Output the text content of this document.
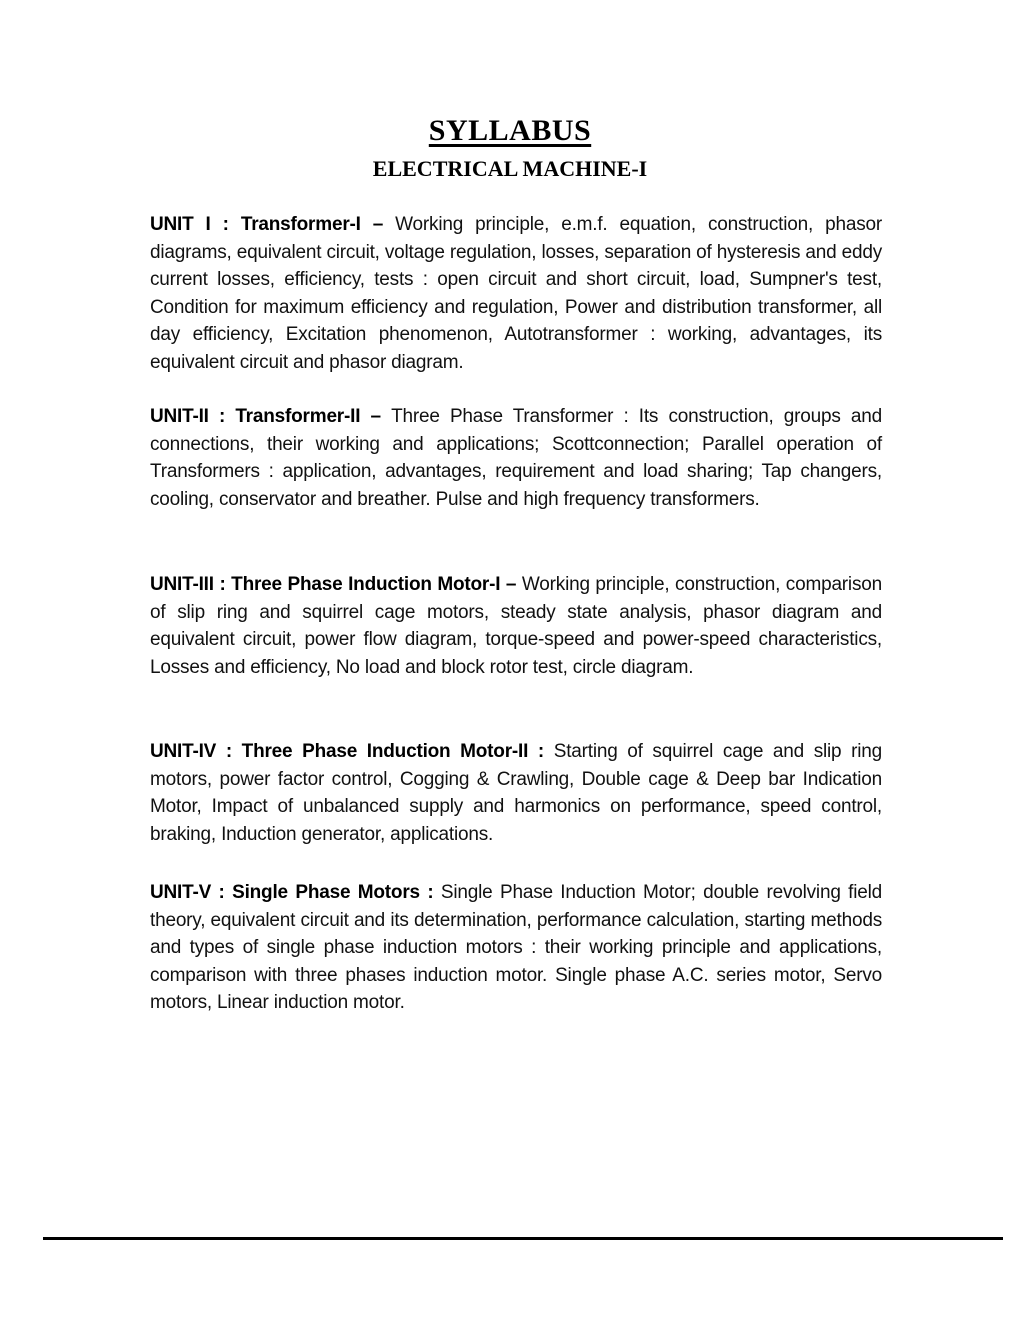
SYLLABUS
ELECTRICAL MACHINE-I

UNIT I : Transformer-I – Working principle, e.m.f. equation, construction, phasor diagrams, equivalent circuit, voltage regulation, losses, separation of hysteresis and eddy current losses, efficiency, tests : open circuit and short circuit, load, Sumpner's test, Condition for maximum efficiency and regulation, Power and distribution transformer, all day efficiency, Excitation phenomenon, Autotransformer : working, advantages, its equivalent circuit and phasor diagram.

UNIT-II : Transformer-II – Three Phase Transformer : Its construction, groups and connections, their working and applications; Scottconnection; Parallel operation of Transformers : application, advantages, requirement and load sharing; Tap changers, cooling, conservator and breather. Pulse and high frequency transformers.

UNIT-III : Three Phase Induction Motor-I – Working principle, construction, comparison of slip ring and squirrel cage motors, steady state analysis, phasor diagram and equivalent circuit, power flow diagram, torque-speed and power-speed characteristics, Losses and efficiency, No load and block rotor test, circle diagram.

UNIT-IV : Three Phase Induction Motor-II : Starting of squirrel cage and slip ring motors, power factor control, Cogging & Crawling, Double cage & Deep bar Indication Motor, Impact of unbalanced supply and harmonics on performance, speed control, braking, Induction generator, applications.

UNIT-V : Single Phase Motors : Single Phase Induction Motor; double revolving field theory, equivalent circuit and its determination, performance calculation, starting methods and types of single phase induction motors : their working principle and applications, comparison with three phases induction motor. Single phase A.C. series motor, Servo motors, Linear induction motor.
